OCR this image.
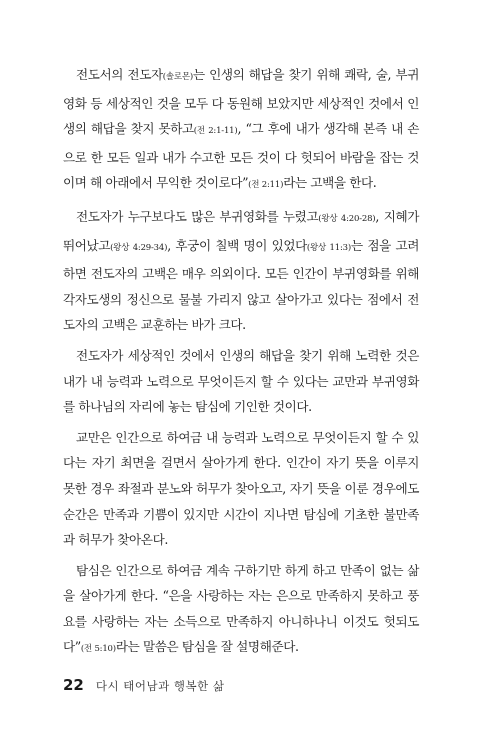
전도서의 전도자(솔로몬)는 인생의 해답을 찾기 위해 쾌락, 술, 부귀영화 등 세상적인 것을 모두 다 동원해 보았지만 세상적인 것에서 인생의 해답을 찾지 못하고(전 2:1-11), “그 후에 내가 생각해 본즉 내 손으로 한 모든 일과 내가 수고한 모든 것이 다 헛되어 바람을 잡는 것이며 해 아래에서 무익한 것이로다”(전 2:11)라는 고백을 한다.

전도자가 누구보다도 많은 부귀영화를 누렸고(왕상 4:20-28), 지혜가 뛰어났고(왕상 4:29-34), 후궁이 칠백 명이 있었다(왕상 11:3)는 점을 고려하면 전도자의 고백은 매우 의외이다. 모든 인간이 부귀영화를 위해 각자도생의 정신으로 물불 가리지 않고 살아가고 있다는 점에서 전도자의 고백은 교훈하는 바가 크다.

전도자가 세상적인 것에서 인생의 해답을 찾기 위해 노력한 것은 내가 내 능력과 노력으로 무엇이든지 할 수 있다는 교만과 부귀영화를 하나님의 자리에 놓는 탐심에 기인한 것이다.

교만은 인간으로 하여금 내 능력과 노력으로 무엇이든지 할 수 있다는 자기 최면을 걸면서 살아가게 한다. 인간이 자기 뜻을 이루지 못한 경우 좌절과 분노와 허무가 찾아오고, 자기 뜻을 이룬 경우에도 순간은 만족과 기쁨이 있지만 시간이 지나면 탐심에 기초한 불만족과 허무가 찾아온다.

탐심은 인간으로 하여금 계속 구하기만 하게 하고 만족이 없는 삶을 살아가게 한다. “은을 사랑하는 자는 은으로 만족하지 못하고 풍요를 사랑하는 자는 소득으로 만족하지 아니하나니 이것도 헛되도다”(전 5:10)라는 말씀은 탐심을 잘 설명해준다.

22 다시 태어남과 행복한 삶
